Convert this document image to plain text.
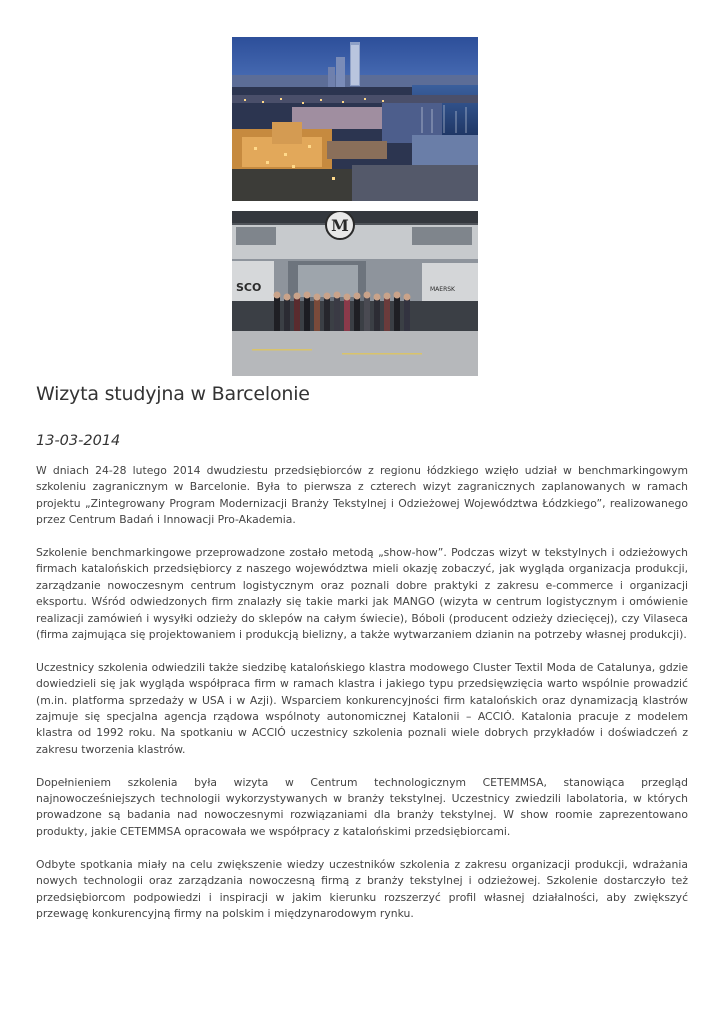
M
SCO	MAERSK
Wizyta studyjna w Barcelonie

13-03-2014

W dniach 24-28 lutego 2014 dwudziestu przedsiębiorców z regionu łódzkiego wzięło udział w benchmarkingowym szkoleniu zagranicznym w Barcelonie. Była to pierwsza z czterech wizyt zagranicznych zaplanowanych w ramach projektu „Zintegrowany Program Modernizacji Branży Tekstylnej i Odzieżowej Województwa Łódzkiego”, realizowanego przez Centrum Badań i Innowacji Pro-Akademia.

Szkolenie benchmarkingowe przeprowadzone zostało metodą „show-how”. Podczas wizyt w tekstylnych i odzieżowych firmach katalońskich przedsiębiorcy z naszego województwa mieli okazję zobaczyć, jak wygląda organizacja produkcji, zarządzanie nowoczesnym centrum logistycznym oraz poznali dobre praktyki z zakresu e-commerce i organizacji eksportu. Wśród odwiedzonych firm znalazły się takie marki jak MANGO (wizyta w centrum logistycznym i omówienie realizacji zamówień i wysyłki odzieży do sklepów na całym świecie), Bóboli (producent odzieży dziecięcej), czy Vilaseca (firma zajmująca się projektowaniem i produkcją bielizny, a także wytwarzaniem dzianin na potrzeby własnej produkcji).

Uczestnicy szkolenia odwiedzili także siedzibę katalońskiego klastra modowego Cluster Textil Moda de Catalunya, gdzie dowiedzieli się jak wygląda współpraca firm w ramach klastra i jakiego typu przedsięwzięcia warto wspólnie prowadzić (m.in. platforma sprzedaży w USA i w Azji). Wsparciem konkurencyjności firm katalońskich oraz dynamizacją klastrów zajmuje się specjalna agencja rządowa wspólnoty autonomicznej Katalonii – ACCIÓ. Katalonia pracuje z modelem klastra od 1992 roku. Na spotkaniu w ACCIÓ uczestnicy szkolenia poznali wiele dobrych przykładów i doświadczeń z zakresu tworzenia klastrów.

Dopełnieniem szkolenia była wizyta w Centrum technologicznym CETEMMSA, stanowiąca przegląd najnowocześniejszych technologii wykorzystywanych w branży tekstylnej. Uczestnicy zwiedzili labolatoria, w których prowadzone są badania nad nowoczesnymi rozwiązaniami dla branży tekstylnej. W show roomie zaprezentowano produkty, jakie CETEMMSA opracowała we współpracy z katalońskimi przedsiębiorcami.

Odbyte spotkania miały na celu zwiększenie wiedzy uczestników szkolenia z zakresu organizacji produkcji, wdrażania nowych technologii oraz zarządzania nowoczesną firmą z branży tekstylnej i odzieżowej. Szkolenie dostarczyło też przedsiębiorcom podpowiedzi i inspiracji w jakim kierunku rozszerzyć profil własnej działalności, aby zwiększyć przewagę konkurencyjną firmy na polskim i międzynarodowym rynku.
